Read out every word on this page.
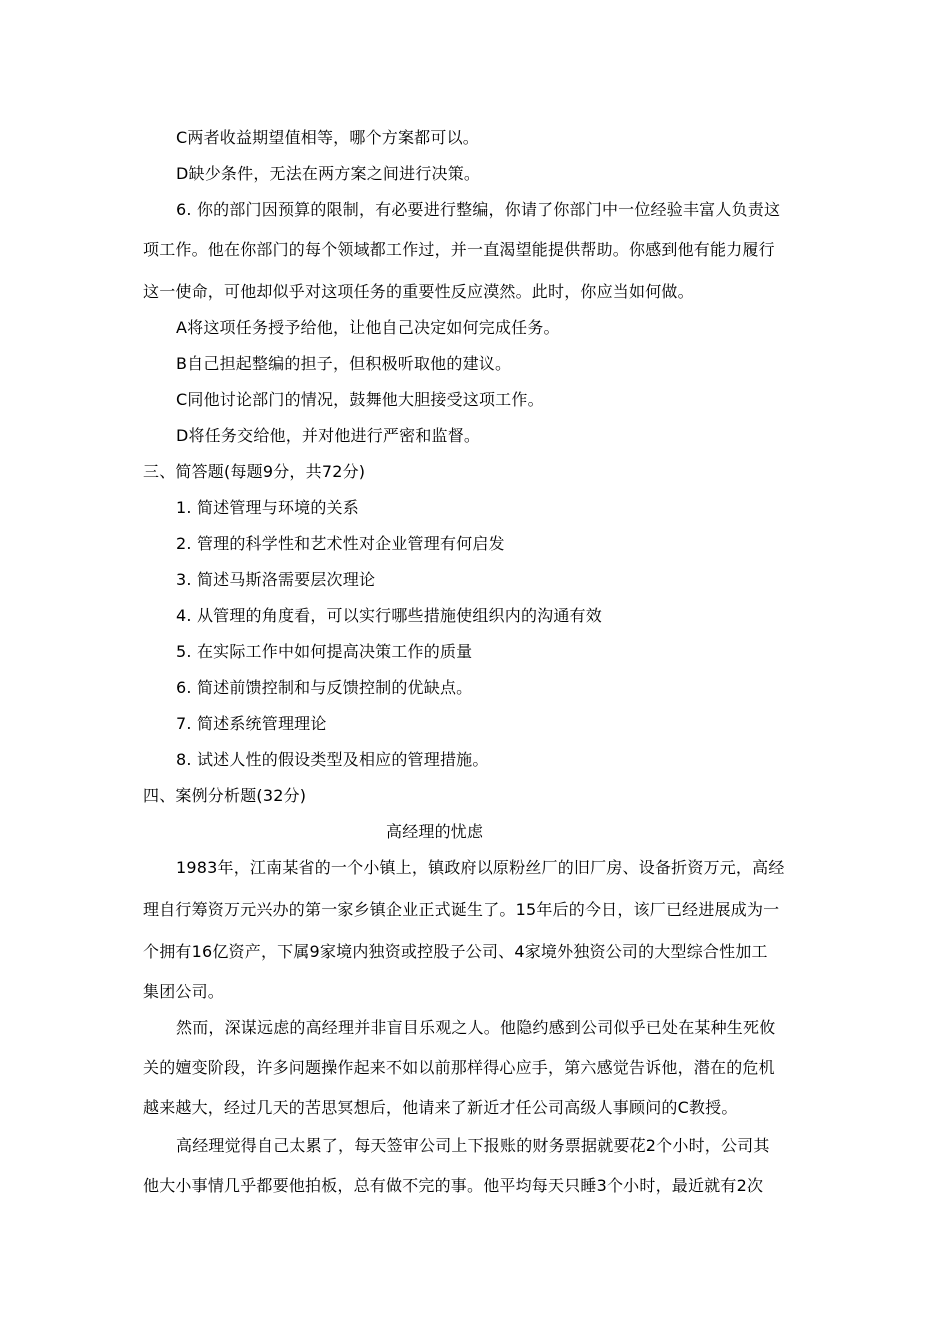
C两者收益期望值相等，哪个方案都可以。
D缺少条件，无法在两方案之间进行决策。
6. 你的部门因预算的限制，有必要进行整编，你请了你部门中一位经验丰富人负责这
项工作。他在你部门的每个领域都工作过，并一直渴望能提供帮助。你感到他有能力履行
这一使命，可他却似乎对这项任务的重要性反应漠然。此时，你应当如何做。
A将这项任务授予给他，让他自己决定如何完成任务。
B自己担起整编的担子，但积极听取他的建议。
C同他讨论部门的情况，鼓舞他大胆接受这项工作。
D将任务交给他，并对他进行严密和监督。
三、简答题(每题9分，共72分)
1. 简述管理与环境的关系
2. 管理的科学性和艺术性对企业管理有何启发
3. 简述马斯洛需要层次理论
4. 从管理的角度看，可以实行哪些措施使组织内的沟通有效
5. 在实际工作中如何提高决策工作的质量
6. 简述前馈控制和与反馈控制的优缺点。
7. 简述系统管理理论
8. 试述人性的假设类型及相应的管理措施。
四、案例分析题(32分)
高经理的忧虑
1983年，江南某省的一个小镇上，镇政府以原粉丝厂的旧厂房、设备折资万元，高经
理自行筹资万元兴办的第一家乡镇企业正式诞生了。15年后的今日，该厂已经进展成为一
个拥有16亿资产，下属9家境内独资或控股子公司、4家境外独资公司的大型综合性加工
集团公司。
然而，深谋远虑的高经理并非盲目乐观之人。他隐约感到公司似乎已处在某种生死攸
关的嬗变阶段，许多问题操作起来不如以前那样得心应手，第六感觉告诉他，潜在的危机
越来越大，经过几天的苦思冥想后，他请来了新近才任公司高级人事顾问的C教授。
高经理觉得自己太累了，每天签审公司上下报账的财务票据就要花2个小时，公司其
他大小事情几乎都要他拍板，总有做不完的事。他平均每天只睡3个小时，最近就有2次
